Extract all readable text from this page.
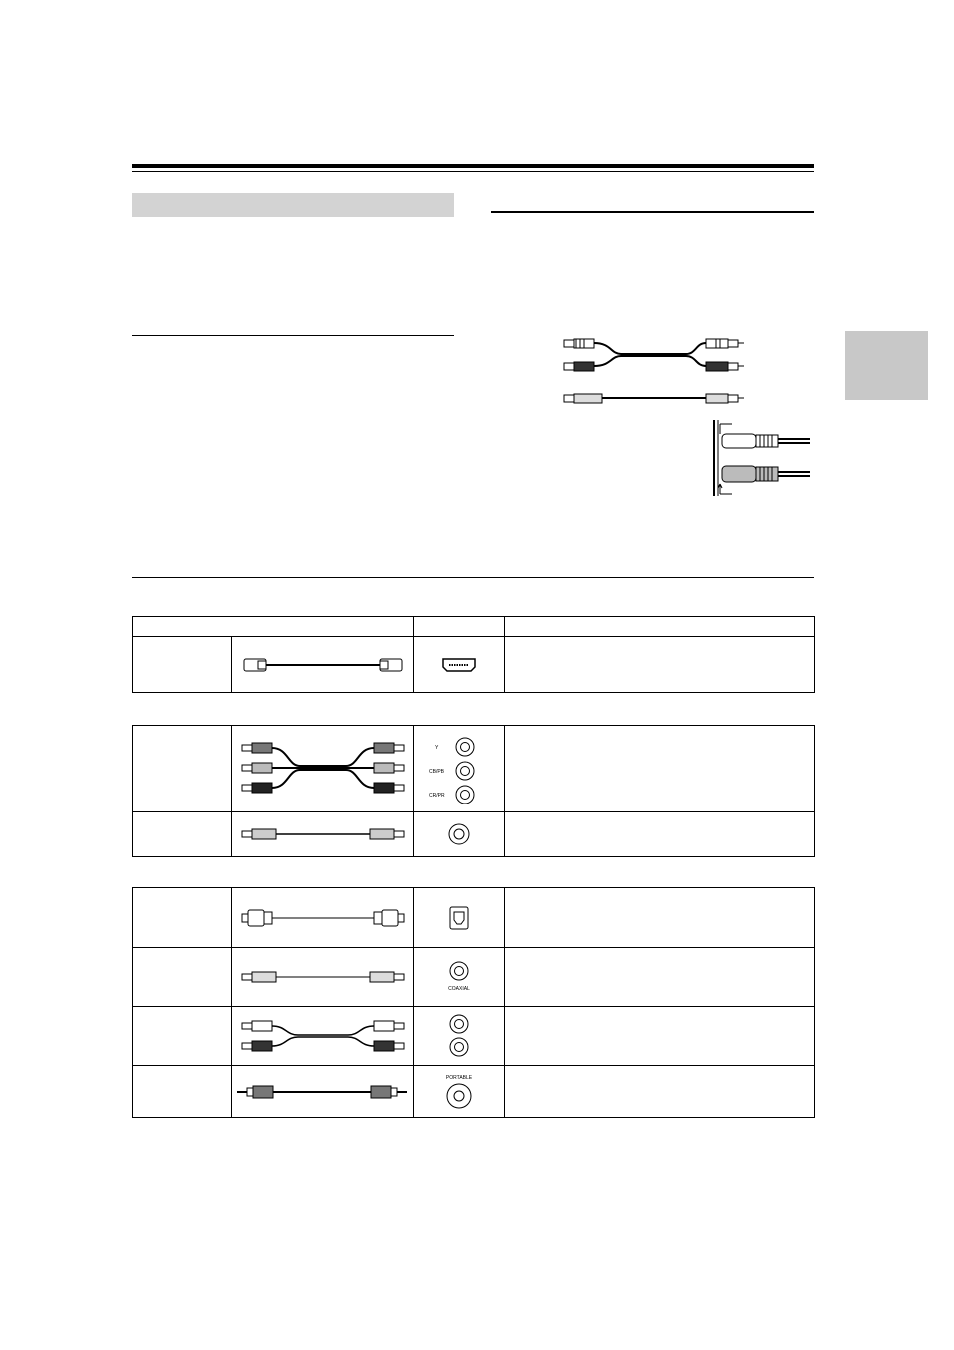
Y
CB/PB
CR/PR	

COAXIAL	

PORTABLE	
